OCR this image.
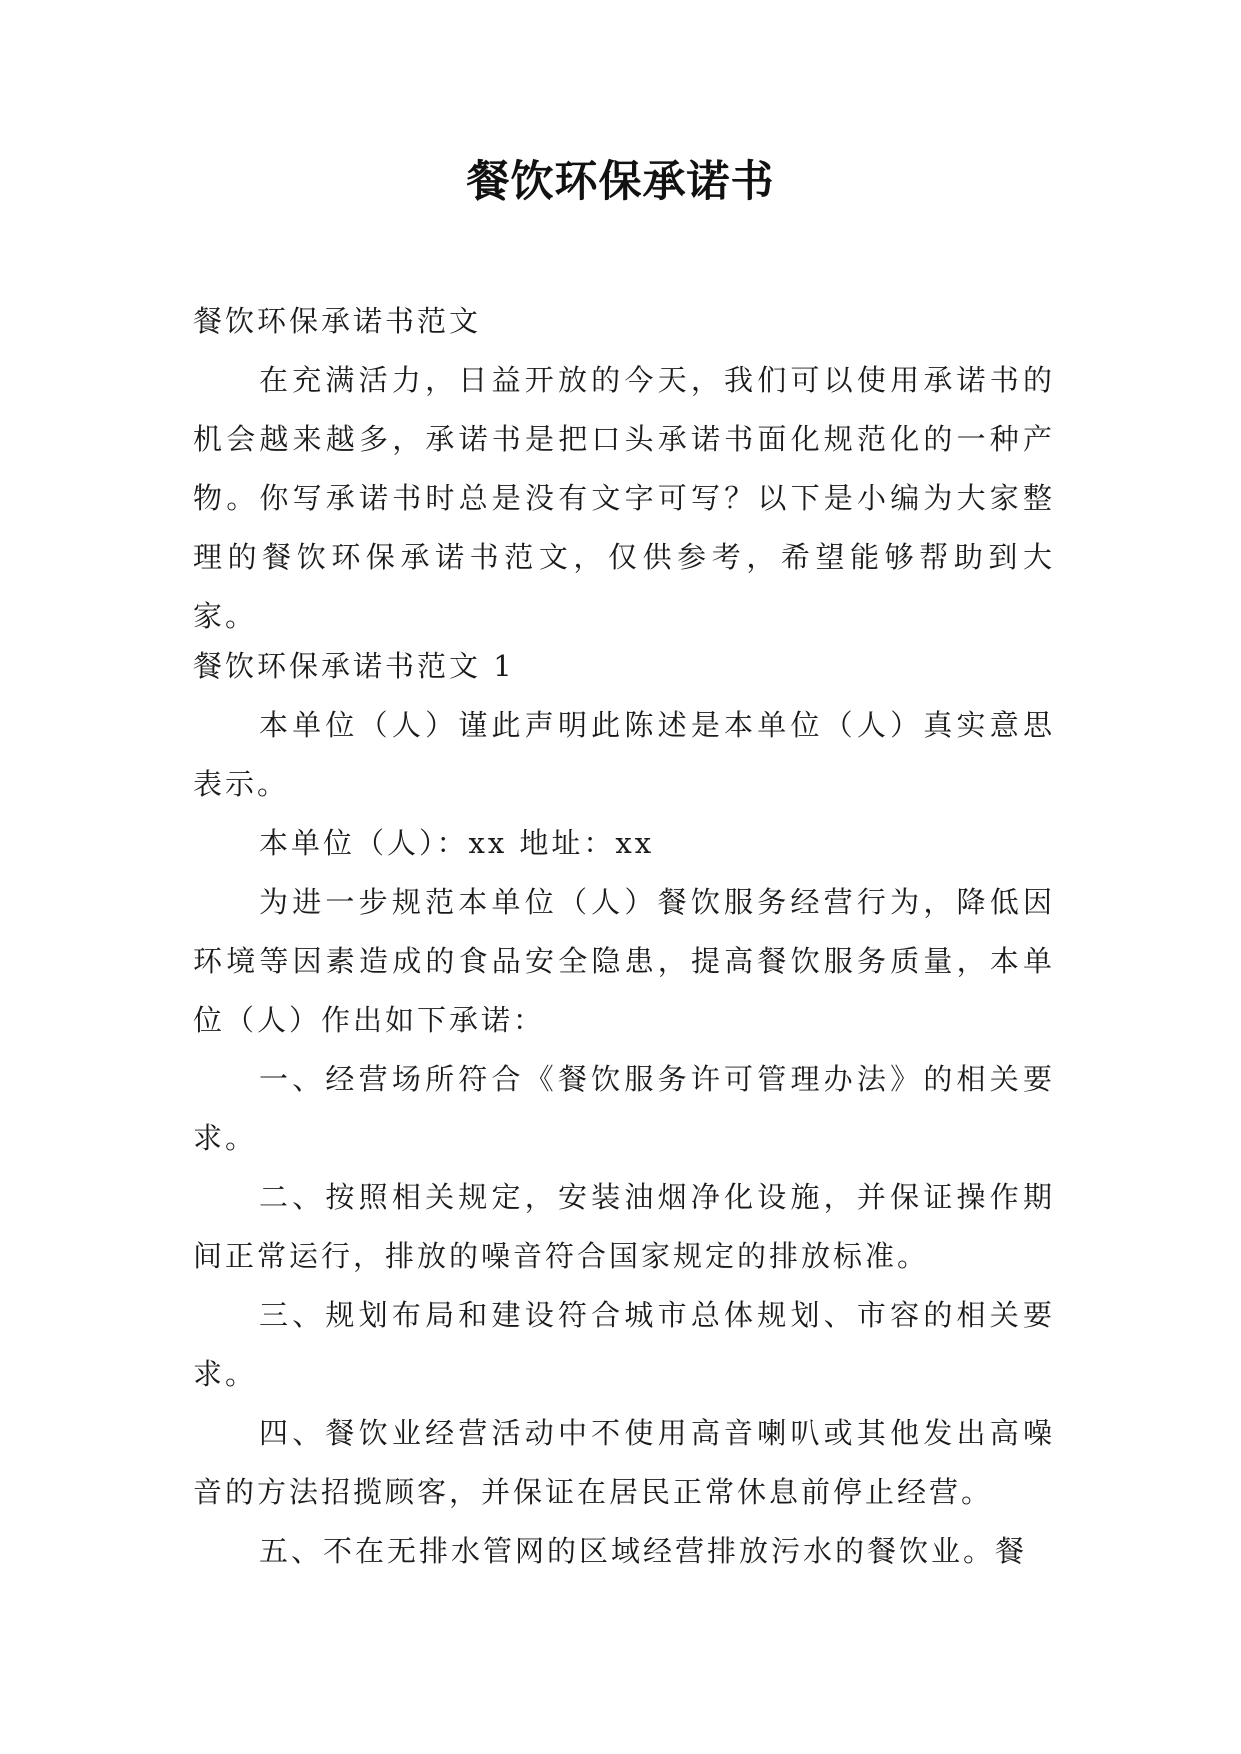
餐饮环保承诺书

餐饮环保承诺书范文

在充满活力，日益开放的今天，我们可以使用承诺书的机会越来越多，承诺书是把口头承诺书面化规范化的一种产物。你写承诺书时总是没有文字可写？以下是小编为大家整理的餐饮环保承诺书范文，仅供参考，希望能够帮助到大家。

餐饮环保承诺书范文 1

本单位（人）谨此声明此陈述是本单位（人）真实意思表示。

本单位（人）：xx 地址：xx

为进一步规范本单位（人）餐饮服务经营行为，降低因环境等因素造成的食品安全隐患，提高餐饮服务质量，本单位（人）作出如下承诺：

一、经营场所符合《餐饮服务许可管理办法》的相关要求。

二、按照相关规定，安装油烟净化设施，并保证操作期间正常运行，排放的噪音符合国家规定的排放标准。

三、规划布局和建设符合城市总体规划、市容的相关要求。

四、餐饮业经营活动中不使用高音喇叭或其他发出高噪音的方法招揽顾客，并保证在居民正常休息前停止经营。

五、不在无排水管网的区域经营排放污水的餐饮业。餐
